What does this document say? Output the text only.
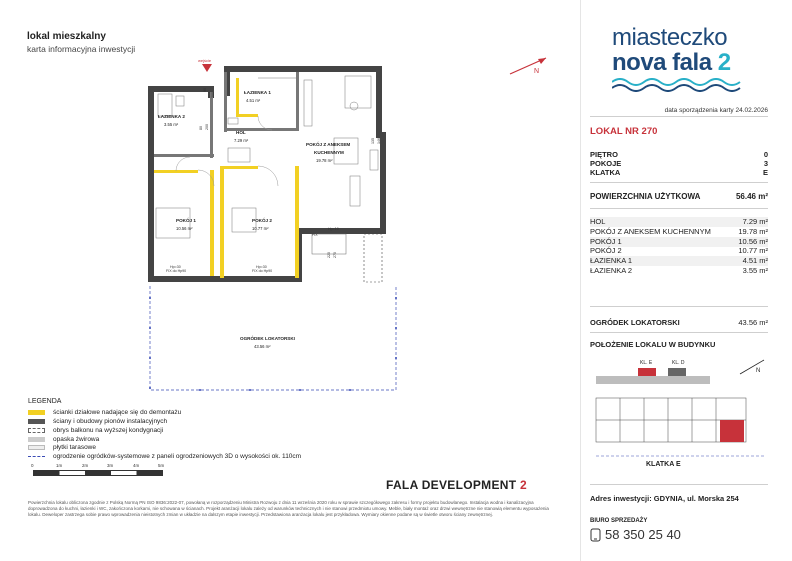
lokal mieszkalny
karta informacyjna inwestycji
N
wejście
ŁAZIENKA 1
4.51 m²
ŁAZIENKA 2
3.55 m²
HOL
7.29 m²
POKÓJ Z ANEKSEM
KUCHENNYM
19.78 m²
POKÓJ 1
10.56 m²
POKÓJ 2
10.77 m²
OGRÓDEK LOKATORSKI
43.56 m²
90
200
80 200
135 146
220 270
Hp=30
FIX do Hp90
Hp=30
FIX do Hp90
Hp=10
FIX
LEGENDA
ścianki działowe nadające się do demontażu
ściany i obudowy pionów instalacyjnych
obrys balkonu na wyższej kondygnacji
opaska żwirowa
płytki tarasowe
ogrodzenie ogródków-systemowe z paneli ogrodzeniowych 3D o wysokości ok. 110cm
0	1m	2m	3m	4m	5m
FALA DEVELOPMENT 2
Powierzchnia lokalu obliczona zgodnie z Polską Normą PN ISO 9836:2022-07, powołaną w rozporządzeniu Ministra Rozwoju z dnia 11 września 2020 roku w sprawie szczegółowego zakresu i formy projektu budowlanego. Instalacja wodna i kanalizacyjna doprowadzona do kuchni, łazienki i WC, zakończona korkami, nie schowana w ścianach. Projekt aranżacji lokalu zależy od warunków technicznych i nie stanowi przedmiotu umowy. Meble, biały montaż oraz drzwi wewnętrzne nie stanowią elementu wyposażenia lokalu. Deweloper zastrzega sobie prawo wprowadzenia nieistotnych zmian w układzie na dalszym etapie inwestycji. Przedstawiona aranżacja lokalu jest przykładowa. Wymiary okienne podane są w świetle otworu ściany zewnętrznej.
miasteczko
nova fala 2
data sporządzenia karty 24.02.2026
LOKAL NR 270
PIĘTRO	0
POKOJE	3
KLATKA	E
POWIERZCHNIA UŻYTKOWA	56.46 m²
HOL	7.29 m²
POKÓJ Z ANEKSEM KUCHENNYM	19.78 m²
POKÓJ 1	10.56 m²
POKÓJ 2	10.77 m²
ŁAZIENKA 1	4.51 m²
ŁAZIENKA 2	3.55 m²
OGRÓDEK LOKATORSKI	43.56 m²
POŁOŻENIE LOKALU W BUDYNKU
KL. E	KL. D
KLATKA E
N
Adres inwestycji: GDYNIA, ul. Morska 254
BIURO SPRZEDAŻY
58 350 25 40
